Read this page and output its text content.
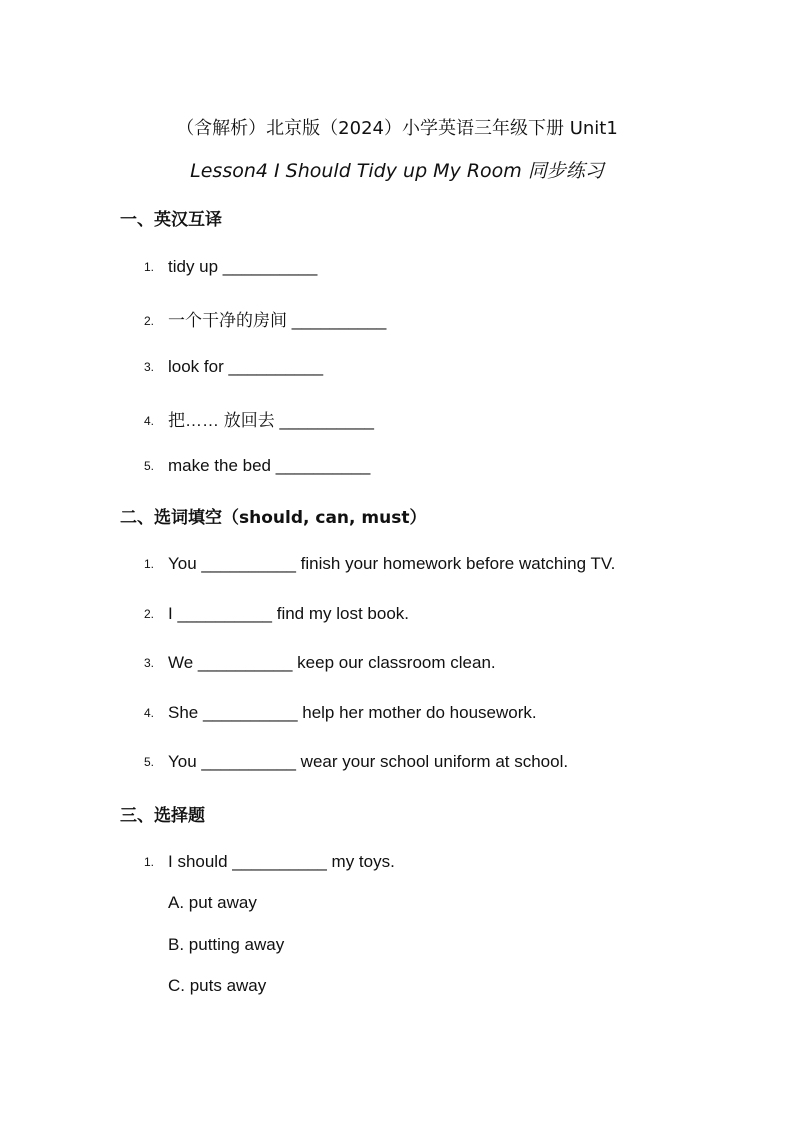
（含解析）北京版（2024）小学英语三年级下册 Unit1
Lesson4 I Should Tidy up My Room 同步练习
一、英汉互译
1. tidy up __________
2. 一个干净的房间 __________
3. look for __________
4. 把…… 放回去 __________
5. make the bed __________
二、选词填空（should, can, must）
1. You __________ finish your homework before watching TV.
2. I __________ find my lost book.
3. We __________ keep our classroom clean.
4. She __________ help her mother do housework.
5. You __________ wear your school uniform at school.
三、选择题
1. I should __________ my toys.
A. put away
B. putting away
C. puts away
